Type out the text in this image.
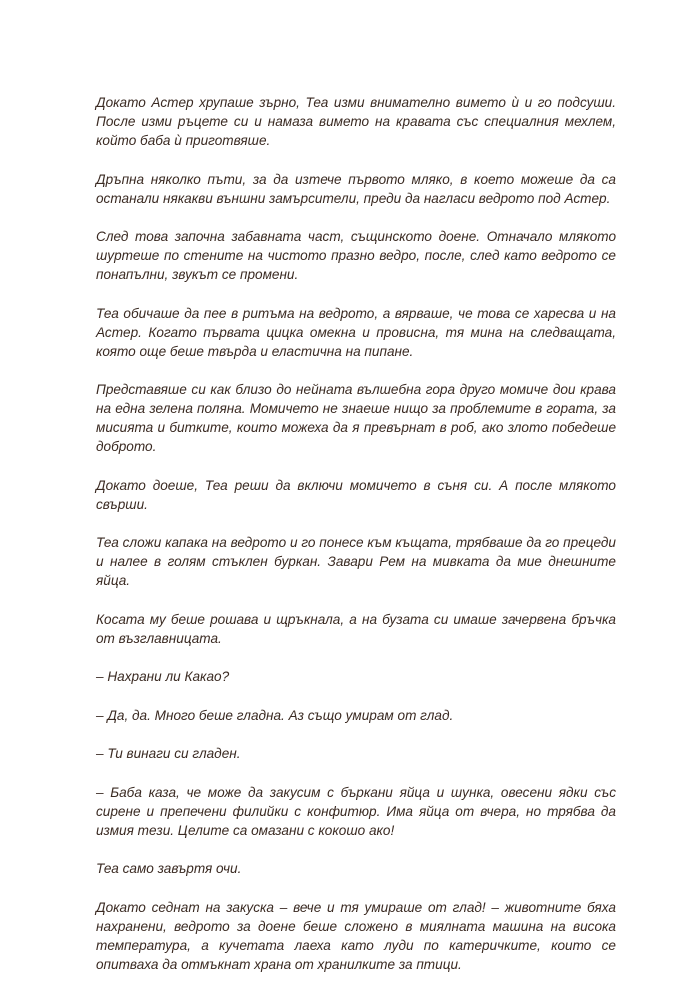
Докато Астер хрупаше зърно, Теа изми внимателно вимето ѝ и го подсуши. После изми ръцете си и намаза вимето на кравата със специалния мехлем, който баба ѝ приготвяше.

Дръпна няколко пъти, за да изтече първото мляко, в което можеше да са останали някакви външни замърсители, преди да нагласи ведрото под Астер.

След това започна забавната част, същинското доене. Отначало млякото шуртеше по стените на чистото празно ведро, после, след като ведрото се понапълни, звукът се промени.

Теа обичаше да пее в ритъма на ведрото, а вярваше, че това се харесва и на Астер. Когато първата цицка омекна и провисна, тя мина на следващата, която още беше твърда и еластична на пипане.

Представяше си как близо до нейната вълшебна гора друго момиче дои крава на една зелена поляна. Момичето не знаеше нищо за проблемите в гората, за мисията и битките, които можеха да я превърнат в роб, ако злото победеше доброто.

Докато доеше, Теа реши да включи момичето в съня си. А после млякото свърши.

Теа сложи капака на ведрото и го понесе към къщата, трябваше да го прецеди и налее в голям стъклен буркан. Завари Рем на мивката да мие днешните яйца.

Косата му беше рошава и щръкнала, а на бузата си имаше зачервена бръчка от възглавницата.

– Нахрани ли Какао?

– Да, да. Много беше гладна. Аз също умирам от глад.

– Ти винаги си гладен.

– Баба каза, че може да закусим с бъркани яйца и шунка, овесени ядки със сирене и препечени филийки с конфитюр. Има яйца от вчера, но трябва да измия тези. Целите са омазани с кокошо ако!

Теа само завъртя очи.

Докато седнат на закуска – вече и тя умираше от глад! – животните бяха нахранени, ведрото за доене беше сложено в миялната машина на висока температура, а кучетата лаеха като луди по катеричките, които се опитваха да отмъкнат храна от хранилките за птици.
